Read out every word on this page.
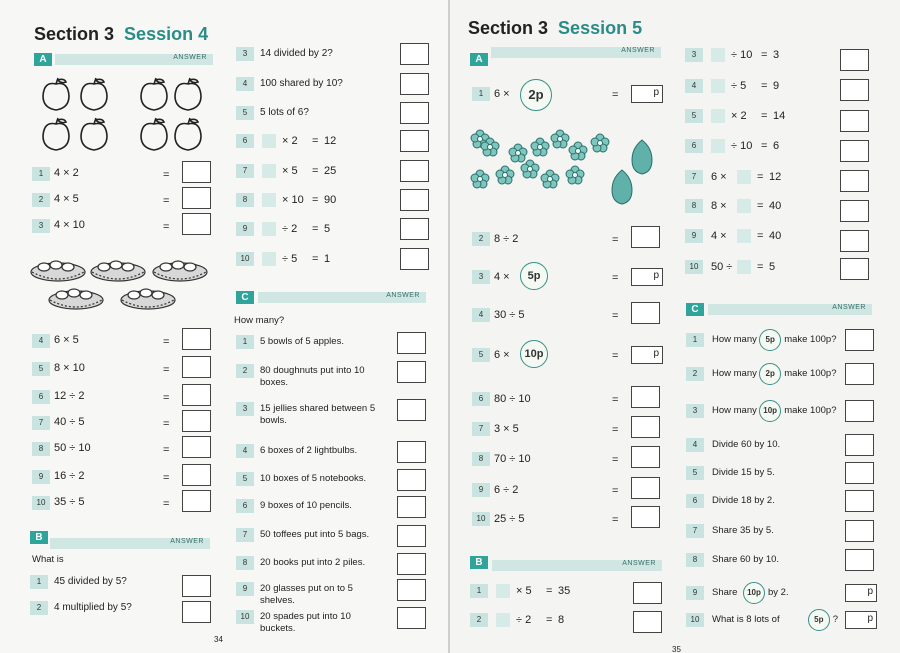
Section 3 Session 4
A	ANSWER
1 4 × 2	=
2 4 × 5	=
3 4 × 10	=
4 6 × 5	=
5 8 × 10	=
6 12 ÷ 2	=
7 40 ÷ 5	=
8 50 ÷ 10	=
9 16 ÷ 2	=
10 35 ÷ 5	=
B	ANSWER
What is
1	45 divided by 5?
2	4 multiplied by 5?
3	14 divided by 2?
4	100 shared by 10?
5	5 lots of 6?
6	× 2 = 12
7	× 5 = 25
8	× 10 = 90
9	÷ 2 = 5
10	÷ 5 = 1
C	ANSWER
How many?
1	5 bowls of 5 apples.
2	80 doughnuts put into 10 boxes.
3	15 jellies shared between 5 bowls.
4	6 boxes of 2 lightbulbs.
5	10 boxes of 5 notebooks.
6	9 boxes of 10 pencils.
7	50 toffees put into 5 bags.
8	20 books put into 2 piles.
9	20 glasses put on to 5 shelves.
10	20 spades put into 10 buckets.
34
Section 3 Session 5
A
ANSWER
1 6 ×	2p	=	p
2 8 ÷ 2	=
3 4 ×	5p	=	p
4 30 ÷ 5	=
5 6 ×	10p	=	p
6 80 ÷ 10	=
7 3 × 5	=
8 70 ÷ 10	=
9 6 ÷ 2	=
10 25 ÷ 5	=
B	ANSWER
1	× 5 = 35
2	÷ 2 = 8
3	÷ 10 = 3
4	÷ 5 = 9
5	× 2 = 14
6	÷ 10 = 6
7	6 ×	= 12
8	8 ×	= 40
9	4 ×	= 40
10	50 ÷ = 5
C	ANSWER
1	How many	5p make 100p?
2	How many	2p make 100p?
3	How many 10p make 100p?
4	Divide 60 by 10.
5	Divide 15 by 5.
6	Divide 18 by 2.
7	Share 35 by 5.
8	Share 60 by 10.
9	Share	10p by 2.	p
10	What is 8 lots of	5p ?	p
35
